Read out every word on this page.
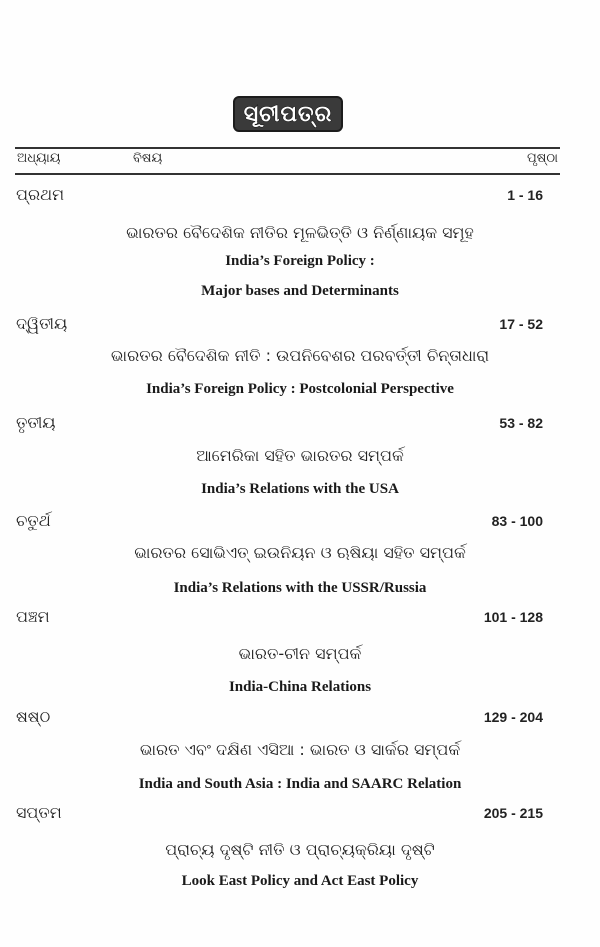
ସୂଚୀପତ୍ର
ଅଧ୍ୟାୟ	ବିଷୟ	ପୃଷ୍ଠା
ପ୍ରଥମ	1 - 16
ଭାରତର ବୈଦେଶିକ ନୀତିର ମୂଳଭିତ୍ତି ଓ ନିର୍ଣ୍ଣାୟକ ସମୂହ
India’s Foreign Policy :
Major bases and Determinants
ଦ୍ୱିତୀୟ	17 - 52
ଭାରତର ବୈଦେଶିକ ନୀତି : ଉପନିବେଶର ପରବର୍ତ୍ତୀ ଚିନ୍ତାଧାରା
India’s Foreign Policy : Postcolonial Perspective
ତୃତୀୟ	53 - 82
ଆମେରିକା ସହିତ ଭାରତର ସମ୍ପର୍କ
India’s Relations with the USA
ଚତୁର୍ଥ	83 - 100
ଭାରତର ସୋଭିଏତ୍ ଇଉନିୟନ ଓ ଋଷିୟା ସହିତ ସମ୍ପର୍କ
India’s Relations with the USSR/Russia
ପଞ୍ଚମ	101 - 128
ଭାରତ-ଚୀନ ସମ୍ପର୍କ
India-China Relations
ଷଷ୍ଠ	129 - 204
ଭାରତ ଏବଂ ଦକ୍ଷିଣ ଏସିଆ : ଭାରତ ଓ ସାର୍କର ସମ୍ପର୍କ
India and South Asia : India and SAARC Relation
ସପ୍ତମ	205 - 215
ପ୍ରାଚ୍ୟ ଦୃଷ୍ଟି ନୀତି ଓ ପ୍ରାଚ୍ୟକ୍ରିୟା ଦୃଷ୍ଟି
Look East Policy and Act East Policy
